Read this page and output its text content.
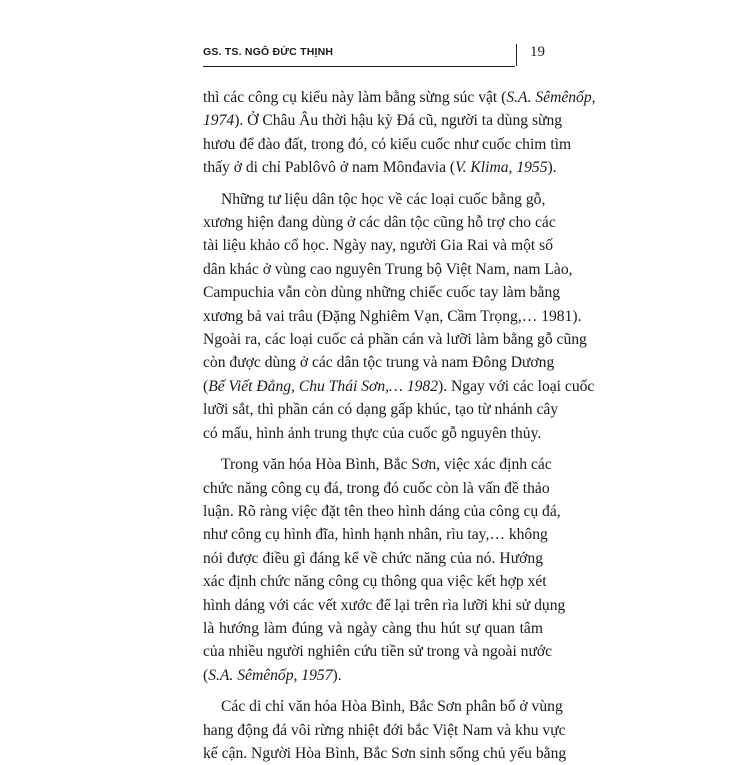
GS. TS. NGÔ ĐỨC THỊNH	19

thì các công cụ kiểu này làm bằng sừng súc vật (S.A. Sêmênốp,
1974). Ở Châu Âu thời hậu kỳ Đá cũ, người ta dùng sừng
hươu để đào đất, trong đó, có kiểu cuốc như cuốc chim tìm
thấy ở di chỉ Pablôvô ở nam Mônđavia (V. Klima, 1955).

Những tư liệu dân tộc học về các loại cuốc bằng gỗ,
xương hiện đang dùng ở các dân tộc cũng hỗ trợ cho các
tài liệu khảo cổ học. Ngày nay, người Gia Rai và một số
dân khác ở vùng cao nguyên Trung bộ Việt Nam, nam Lào,
Campuchia vẫn còn dùng những chiếc cuốc tay làm bằng
xương bả vai trâu (Đặng Nghiêm Vạn, Cầm Trọng,… 1981).
Ngoài ra, các loại cuốc cả phần cán và lưỡi làm bằng gỗ cũng
còn được dùng ở các dân tộc trung và nam Đông Dương
(Bế Viết Đẳng, Chu Thái Sơn,… 1982). Ngay với các loại cuốc
lưỡi sắt, thì phần cán có dạng gấp khúc, tạo từ nhánh cây
có mấu, hình ảnh trung thực của cuốc gỗ nguyên thủy.

Trong văn hóa Hòa Bình, Bắc Sơn, việc xác định các
chức năng công cụ đá, trong đó cuốc còn là vấn đề thảo
luận. Rõ ràng việc đặt tên theo hình dáng của công cụ đá,
như công cụ hình đĩa, hình hạnh nhân, rìu tay,… không
nói được điều gì đáng kể về chức năng của nó. Hướng
xác định chức năng công cụ thông qua việc kết hợp xét
hình dáng với các vết xước để lại trên rìa lưỡi khi sử dụng
là hướng làm đúng và ngày càng thu hút sự quan tâm
của nhiều người nghiên cứu tiền sử trong và ngoài nước
(S.A. Sêmênốp, 1957).

Các di chỉ văn hóa Hòa Bình, Bắc Sơn phân bố ở vùng
hang động đá vôi rừng nhiệt đới bắc Việt Nam và khu vực
kế cận. Người Hòa Bình, Bắc Sơn sinh sống chủ yếu bằng
